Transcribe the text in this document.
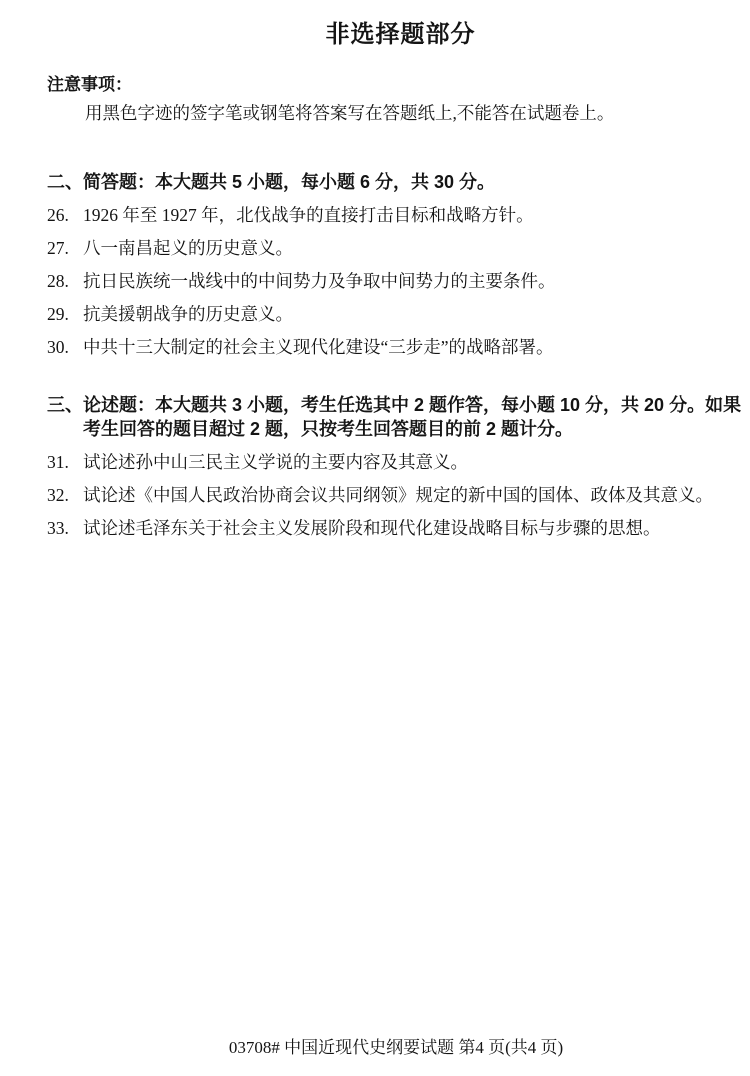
非选择题部分
注意事项：
用黑色字迹的签字笔或钢笔将答案写在答题纸上,不能答在试题卷上。
二、 简答题：本大题共 5 小题，每小题 6 分，共 30 分。
26. 1926 年至 1927 年，北伐战争的直接打击目标和战略方针。
27. 八一南昌起义的历史意义。
28. 抗日民族统一战线中的中间势力及争取中间势力的主要条件。
29. 抗美援朝战争的历史意义。
30. 中共十三大制定的社会主义现代化建设“三步走”的战略部署。
三、 论述题：本大题共 3 小题，考生任选其中 2 题作答，每小题 10 分，共 20 分。如果
考生回答的题目超过 2 题，只按考生回答题目的前 2 题计分。
31. 试论述孙中山三民主义学说的主要内容及其意义。
32. 试论述《中国人民政治协商会议共同纲领》规定的新中国的国体、政体及其意义。
33. 试论述毛泽东关于社会主义发展阶段和现代化建设战略目标与步骤的思想。
03708# 中国近现代史纲要试题 第4 页(共4 页)
